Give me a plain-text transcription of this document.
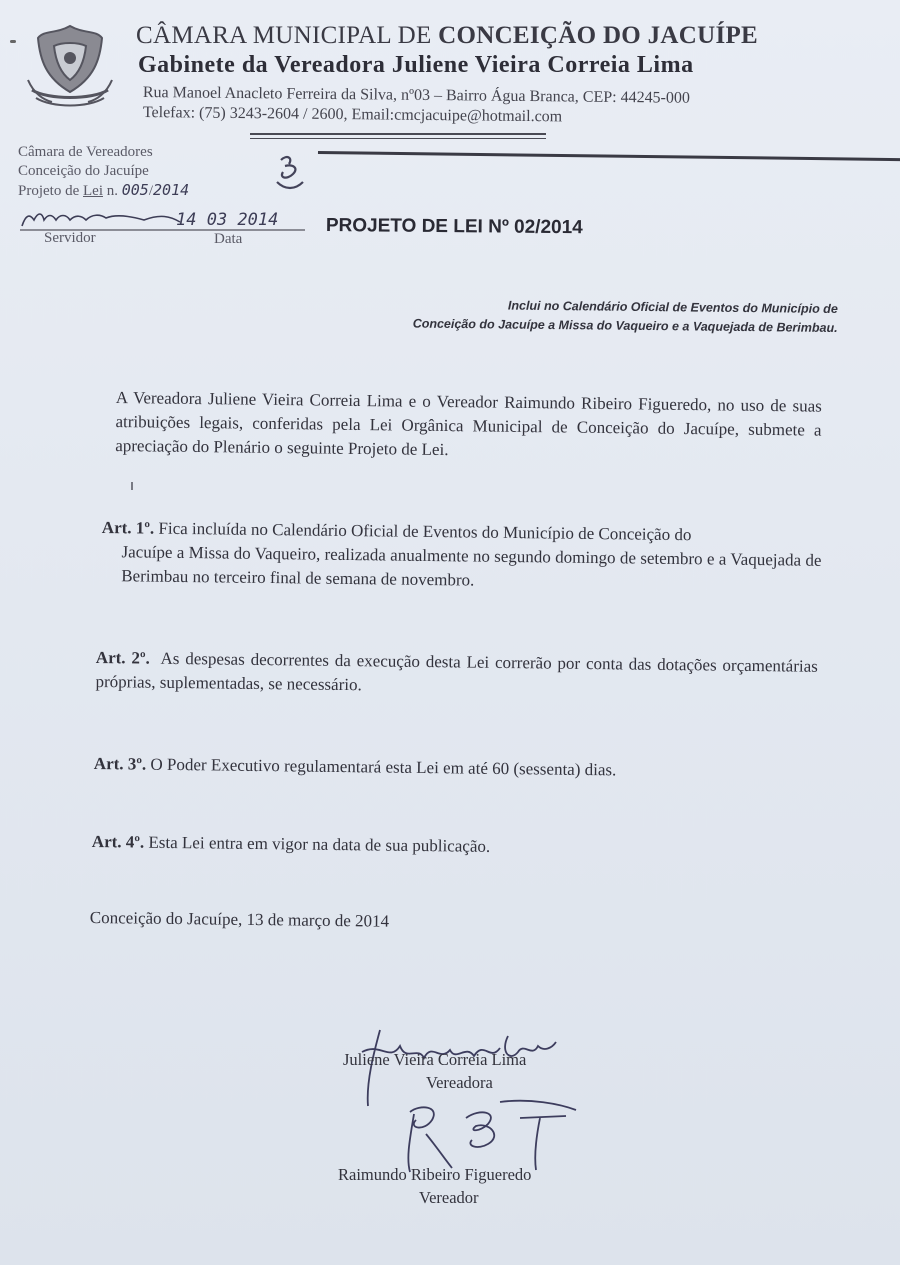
CÂMARA MUNICIPAL DE CONCEIÇÃO DO JACUÍPE
Gabinete da Vereadora Juliene Vieira Correia Lima
Rua Manoel Anacleto Ferreira da Silva, nº03 – Bairro Água Branca, CEP: 44245-000
Telefax: (75) 3243-2604 / 2600, Email:cmcjacuipe@hotmail.com
Câmara de Vereadores
Conceição do Jacuípe
Projeto de Lei n. 005/2014
14 03 2014
Servidor	Data
PROJETO DE LEI Nº 02/2014
Inclui no Calendário Oficial de Eventos do Município de
Conceição do Jacuípe a Missa do Vaqueiro e a Vaquejada de Berimbau.
A Vereadora Juliene Vieira Correia Lima e o Vereador Raimundo Ribeiro Figueredo, no uso de suas atribuições legais, conferidas pela Lei Orgânica Municipal de Conceição do Jacuípe, submete a apreciação do Plenário o seguinte Projeto de Lei.
Art. 1º. Fica incluída no Calendário Oficial de Eventos do Município de Conceição do
Jacuípe a Missa do Vaqueiro, realizada anualmente no segundo domingo de setembro e a Vaquejada de Berimbau no terceiro final de semana de novembro.
Art. 2º. As despesas decorrentes da execução desta Lei correrão por conta das dotações orçamentárias próprias, suplementadas, se necessário.
Art. 3º. O Poder Executivo regulamentará esta Lei em até 60 (sessenta) dias.
Art. 4º. Esta Lei entra em vigor na data de sua publicação.
Conceição do Jacuípe, 13 de março de 2014
Juliene Vieira Correia Lima
Vereadora
Raimundo Ribeiro Figueredo
Vereador
